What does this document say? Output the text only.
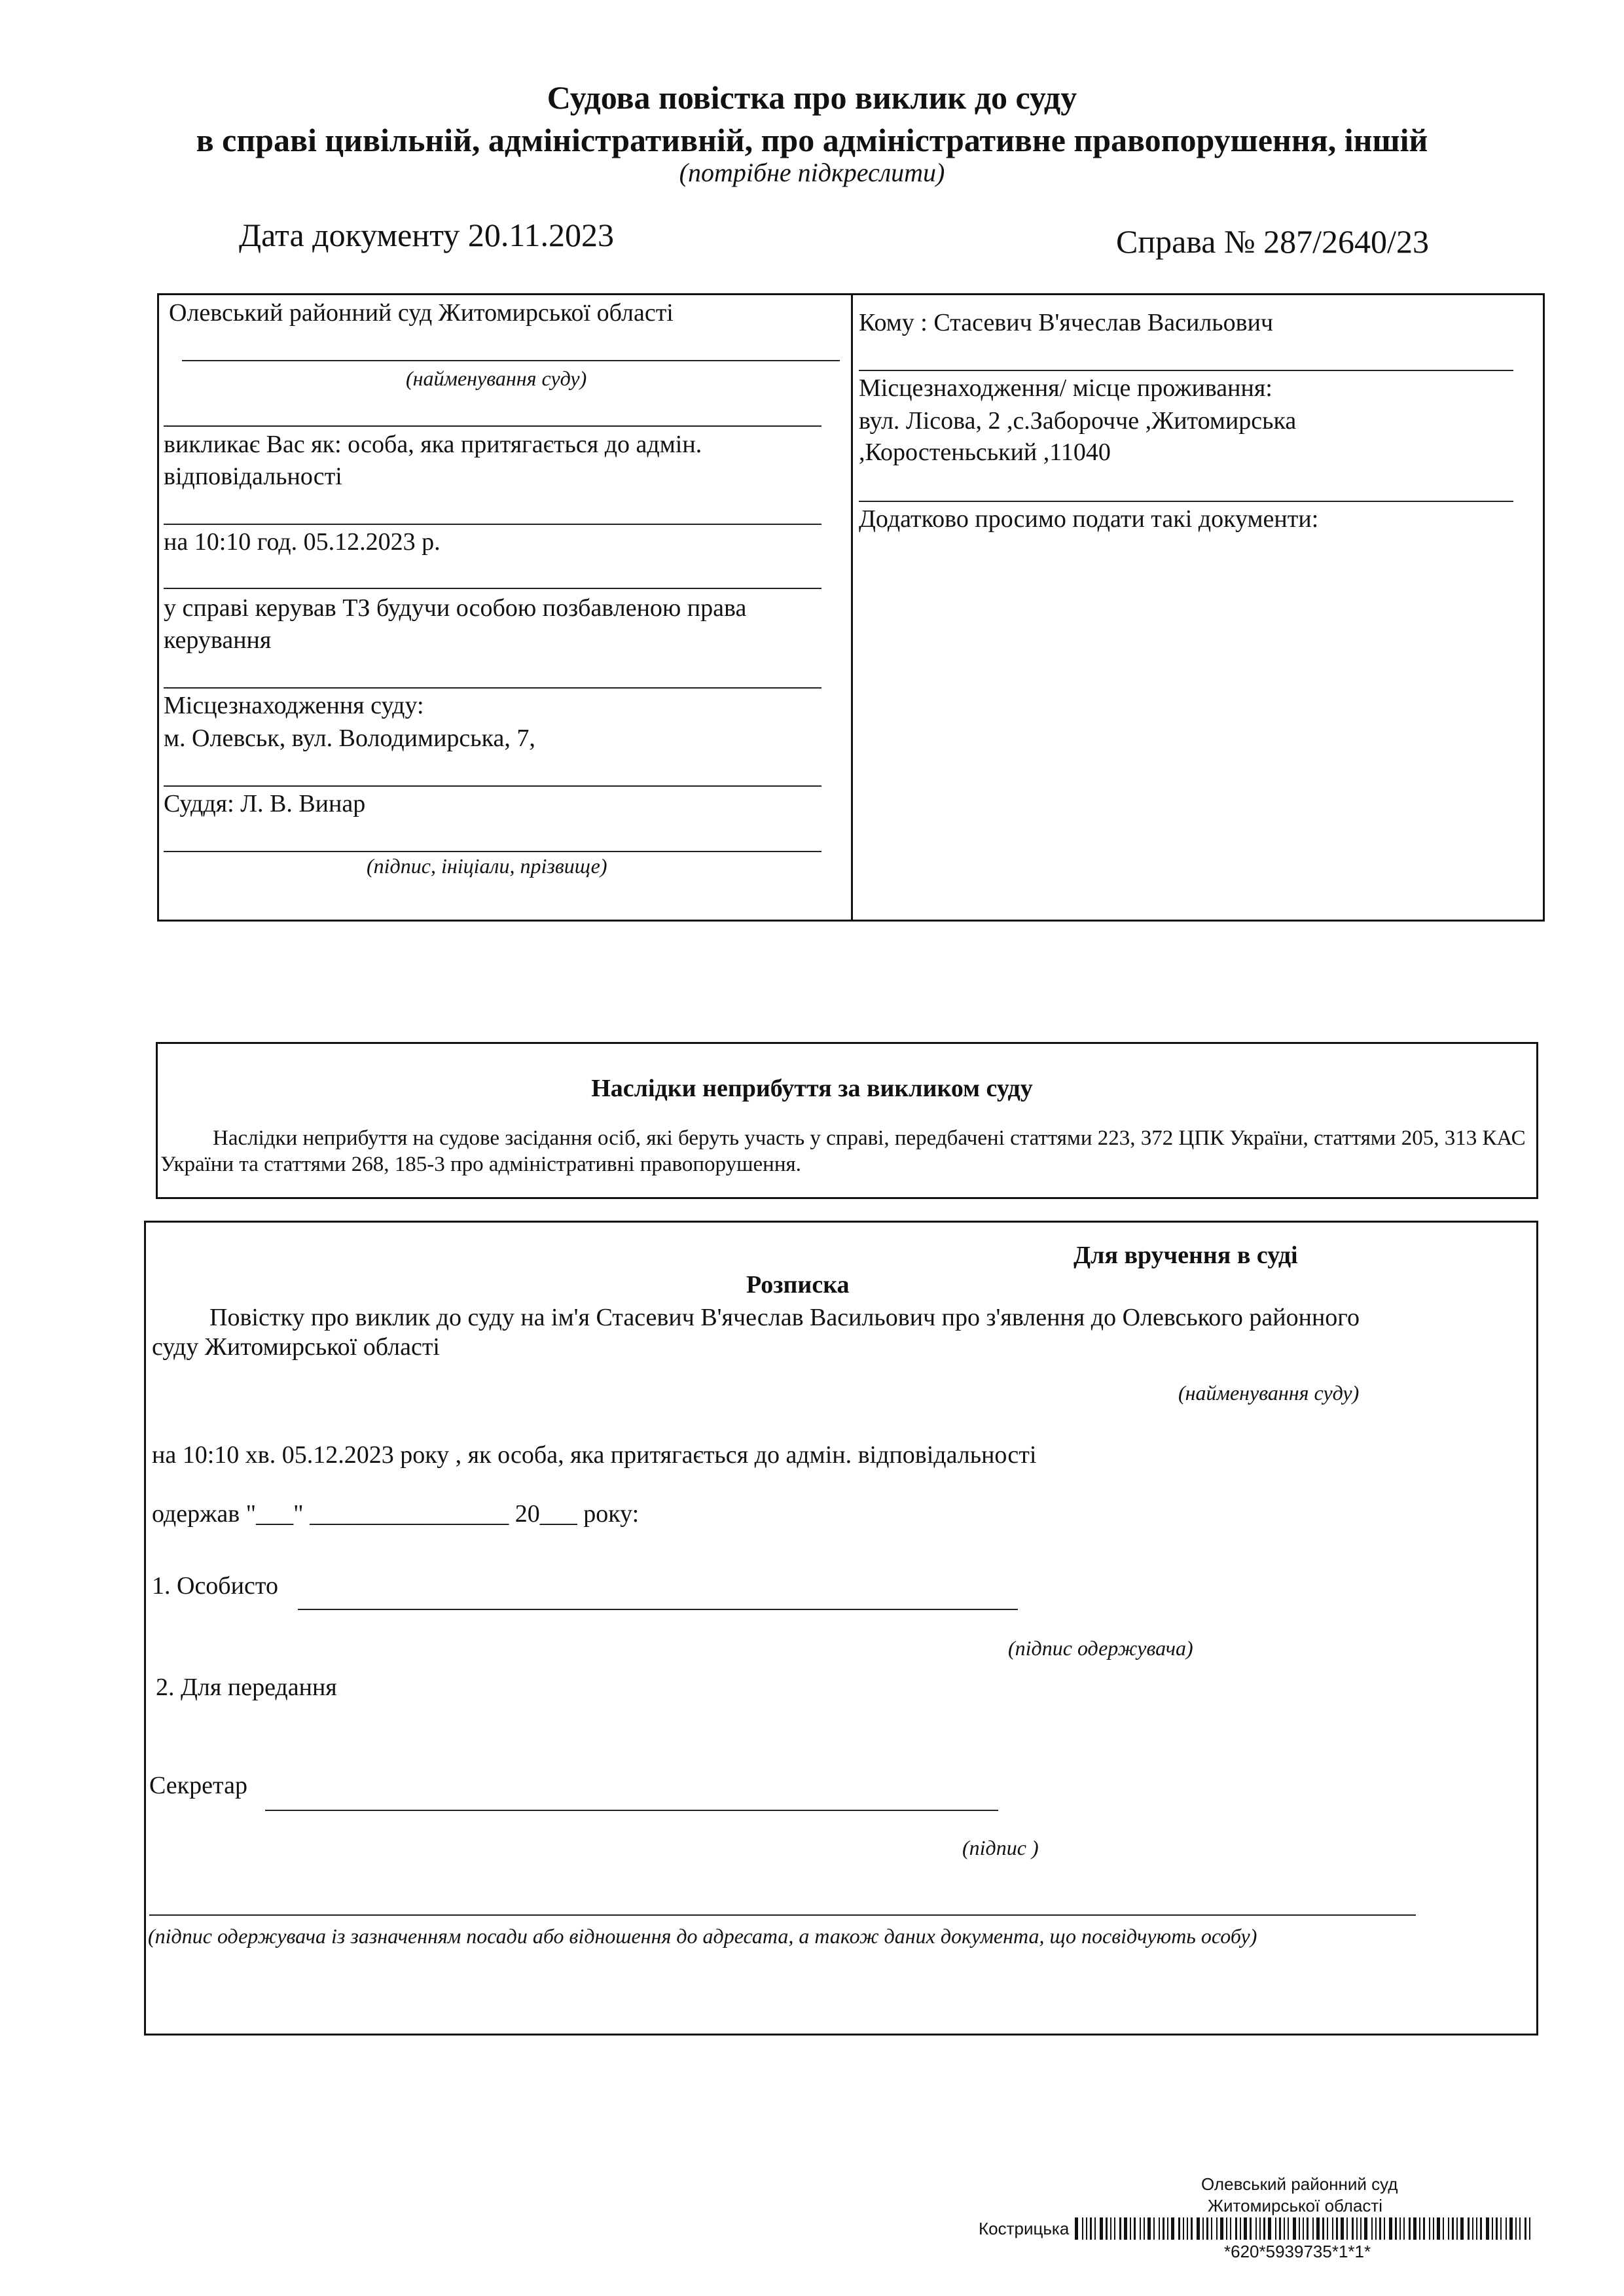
Судова повістка про виклик до суду
в справі цивільній, адміністративній, про адміністративне правопорушення, іншій
(потрібне підкреслити)
Дата документу 20.11.2023	Справа № 287/2640/23
Олевський районний суд Житомирської області
(найменування суду)
викликає Вас як: особа, яка притягається до адмін. відповідальності
на 10:10 год. 05.12.2023 р.
у справі керував ТЗ будучи особою позбавленою права керування
Місцезнаходження суду:
м. Олевськ, вул. Володимирська, 7,
Суддя: Л. В. Винар
(підпис, ініціали, прізвище)
Кому : Стасевич В'ячеслав Васильович
Місцезнаходження/ місце проживання:
вул. Лісова, 2 ,с.Заборочче ,Житомирська
,Коростеньський ,11040
Додатково просимо подати такі документи:
Наслідки неприбуття за викликом суду
Наслідки неприбуття на судове засідання осіб, які беруть участь у справі, передбачені статтями 223, 372 ЦПК України, статтями 205, 313 КАС України та статтями 268, 185-3 про адміністративні правопорушення.
Для вручення в суді
Розписка
Повістку про виклик до суду на ім'я Стасевич В'ячеслав Васильович про з'явлення до Олевського районного
суду Житомирської області
(найменування суду)
на 10:10 хв. 05.12.2023 року , як особа, яка притягається до адмін. відповідальності
одержав "___" ________________ 20___ року:
1. Особисто
(підпис одержувача)
2. Для передання
Секретар
(підпис )
(підпис одержувача із зазначенням посади або відношення до адресата, а також даних документа, що посвідчують особу)
Олевський районний суд
Житомирської області
Кострицька
*620*5939735*1*1*
